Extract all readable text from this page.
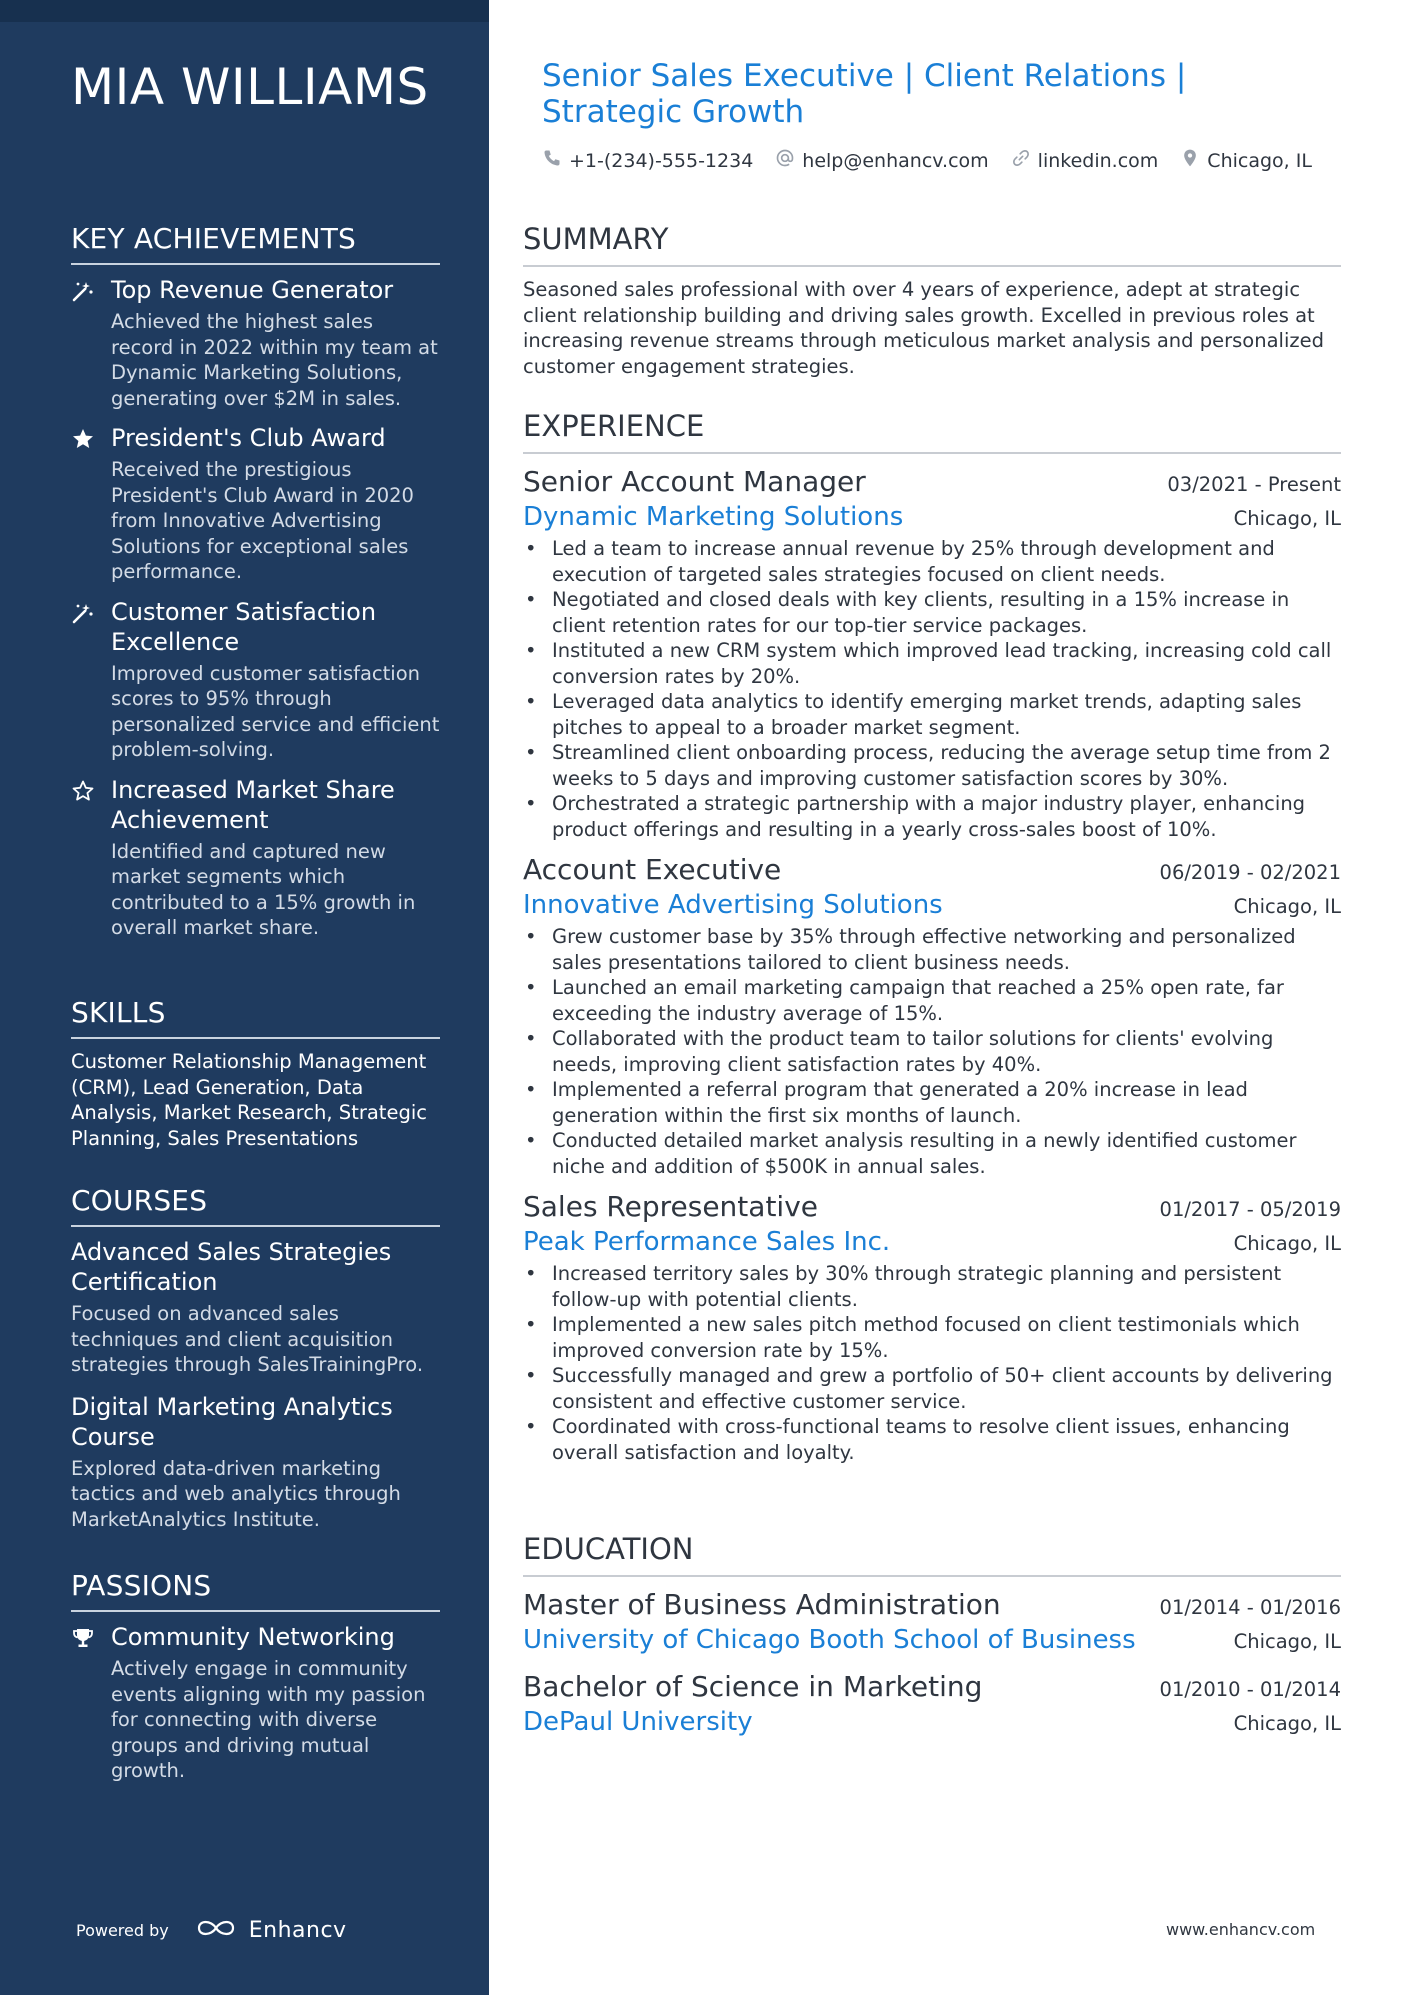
MIA WILLIAMS
KEY ACHIEVEMENTS
Top Revenue Generator
Achieved the highest sales record in 2022 within my team at Dynamic Marketing Solutions, generating over $2M in sales.
President's Club Award
Received the prestigious President's Club Award in 2020 from Innovative Advertising Solutions for exceptional sales performance.
Customer Satisfaction Excellence
Improved customer satisfaction scores to 95% through personalized service and efficient problem-solving.
Increased Market Share Achievement
Identified and captured new market segments which contributed to a 15% growth in overall market share.
SKILLS
Customer Relationship Management (CRM), Lead Generation, Data Analysis, Market Research, Strategic Planning, Sales Presentations
COURSES
Advanced Sales Strategies Certification
Focused on advanced sales techniques and client acquisition strategies through SalesTrainingPro.
Digital Marketing Analytics Course
Explored data-driven marketing tactics and web analytics through MarketAnalytics Institute.
PASSIONS
Community Networking
Actively engage in community events aligning with my passion for connecting with diverse groups and driving mutual growth.
Powered by	Enhancv
Senior Sales Executive | Client Relations | Strategic Growth
+1-(234)-555-1234	help@enhancv.com	linkedin.com	Chicago, IL
SUMMARY
Seasoned sales professional with over 4 years of experience, adept at strategic client relationship building and driving sales growth. Excelled in previous roles at increasing revenue streams through meticulous market analysis and personalized customer engagement strategies.
EXPERIENCE
Senior Account Manager	03/2021 - Present
Dynamic Marketing Solutions	Chicago, IL
• Led a team to increase annual revenue by 25% through development and execution of targeted sales strategies focused on client needs.
• Negotiated and closed deals with key clients, resulting in a 15% increase in client retention rates for our top-tier service packages.
• Instituted a new CRM system which improved lead tracking, increasing cold call conversion rates by 20%.
• Leveraged data analytics to identify emerging market trends, adapting sales pitches to appeal to a broader market segment.
• Streamlined client onboarding process, reducing the average setup time from 2 weeks to 5 days and improving customer satisfaction scores by 30%.
• Orchestrated a strategic partnership with a major industry player, enhancing product offerings and resulting in a yearly cross-sales boost of 10%.
Account Executive	06/2019 - 02/2021
Innovative Advertising Solutions	Chicago, IL
• Grew customer base by 35% through effective networking and personalized sales presentations tailored to client business needs.
• Launched an email marketing campaign that reached a 25% open rate, far exceeding the industry average of 15%.
• Collaborated with the product team to tailor solutions for clients' evolving needs, improving client satisfaction rates by 40%.
• Implemented a referral program that generated a 20% increase in lead generation within the first six months of launch.
• Conducted detailed market analysis resulting in a newly identified customer niche and addition of $500K in annual sales.
Sales Representative	01/2017 - 05/2019
Peak Performance Sales Inc.	Chicago, IL
• Increased territory sales by 30% through strategic planning and persistent follow-up with potential clients.
• Implemented a new sales pitch method focused on client testimonials which improved conversion rate by 15%.
• Successfully managed and grew a portfolio of 50+ client accounts by delivering consistent and effective customer service.
• Coordinated with cross-functional teams to resolve client issues, enhancing overall satisfaction and loyalty.
EDUCATION
Master of Business Administration	01/2014 - 01/2016
University of Chicago Booth School of Business	Chicago, IL
Bachelor of Science in Marketing	01/2010 - 01/2014
DePaul University	Chicago, IL
www.enhancv.com
